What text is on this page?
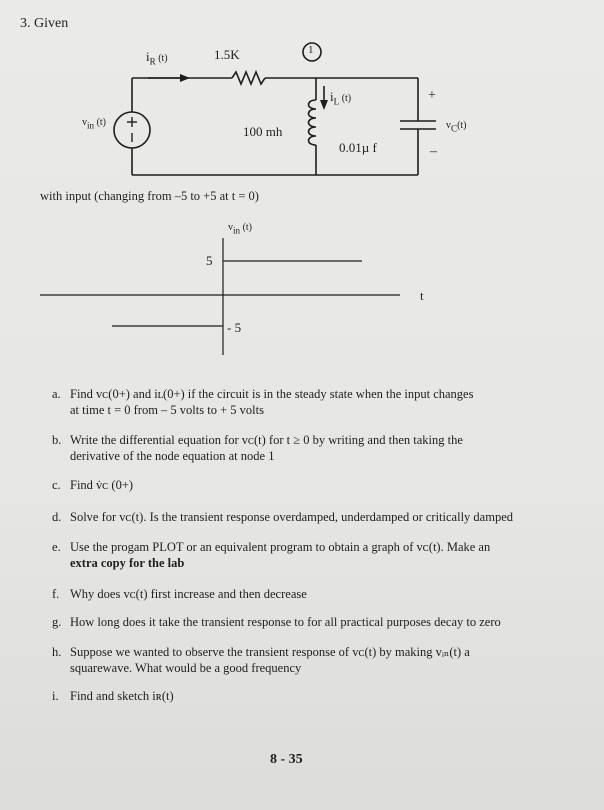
3. Given
$i_R$ (t)	1.5K	1
$i_L$ (t)
$v_{in}$ (t)
100 mh
0.01µ f
+
$v_C(t)$
–
with input (changing from –5 to +5 at t = 0)
$v_{in}$ (t)
5
- 5
t
a. Find vᴄ(0+) and iʟ(0+) if the circuit is in the steady state when the input changes
at time t = 0 from – 5 volts to + 5 volts
b. Write the differential equation for vᴄ(t) for t ≥ 0 by writing and then taking the
derivative of the node equation at node 1
c. Find v̇ᴄ (0+)
d. Solve for vᴄ(t). Is the transient response overdamped, underdamped or critically damped
e. Use the progam PLOT or an equivalent program to obtain a graph of vᴄ(t). Make an
extra copy for the lab
f. Why does vᴄ(t) first increase and then decrease
g. How long does it take the transient response to for all practical purposes decay to zero
h. Suppose we wanted to observe the transient response of vᴄ(t) by making vᵢₙ(t) a
squarewave. What would be a good frequency
i. Find and sketch iʀ(t)
8 - 35
